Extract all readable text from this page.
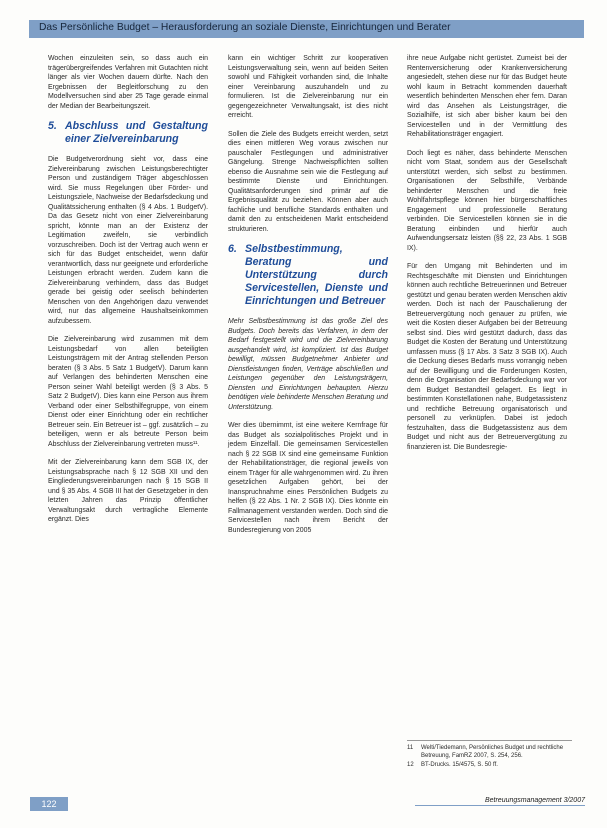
Das Persönliche Budget – Herausforderung an soziale Dienste, Einrichtungen und Berater

Wochen einzuleiten sein, so dass auch ein trägerübergreifendes Verfahren mit Gutachten nicht länger als vier Wochen dauern dürfte. Nach den Ergebnissen der Begleitforschung zu den Modellversuchen sind aber 25 Tage gerade einmal der Median der Bearbeitungszeit.

5. Abschluss und Gestaltung einer Zielvereinbarung

Die Budgetverordnung sieht vor, dass eine Zielvereinbarung zwischen Leistungsberechtigter Person und zuständigem Träger abgeschlossen wird. Sie muss Regelungen über Förder- und Leistungsziele, Nachweise der Bedarfsdeckung und Qualitätssicherung enthalten (§ 4 Abs. 1 BudgetV). Da das Gesetz nicht von einer Zielvereinbarung spricht, könnte man an der Existenz der Legitimation zweifeln, sie verbindlich vorzuschreiben. Doch ist der Vertrag auch wenn er sich für das Budget entscheidet, wenn dafür verantwortlich, dass nur geeignete und erforderliche Leistungen erbracht werden. Zudem kann die Zielvereinbarung verhindern, dass das Budget gerade bei geistig oder seelisch behinderten Menschen von den Angehörigen dazu verwendet wird, nur das allgemeine Haushaltseinkommen aufzubessern.

Die Zielvereinbarung wird zusammen mit dem Leistungsbedarf von allen beteiligten Leistungsträgern mit der Antrag stellenden Person beraten (§ 3 Abs. 5 Satz 1 BudgetV). Darum kann auf Verlangen des behinderten Menschen eine Person seiner Wahl beteiligt werden (§ 3 Abs. 5 Satz 2 BudgetV). Dies kann eine Person aus ihrem Verband oder einer Selbsthilfegruppe, von einem Dienst oder einer Einrichtung oder ein rechtlicher Betreuer sein. Ein Betreuer ist – ggf. zusätzlich – zu beteiligen, wenn er als betreute Person beim Abschluss der Zielvereinbarung vertreten muss¹¹.

Mit der Zielvereinbarung kann dem SGB IX, der Leistungsabsprache nach § 12 SGB XII und den Eingliederungsvereinbarungen nach § 15 SGB II und § 35 Abs. 4 SGB III hat der Gesetzgeber in den letzten Jahren das Prinzip öffentlicher Verwaltungsakt durch vertragliche Elemente ergänzt. Dies

kann ein wichtiger Schritt zur kooperativen Leistungsverwaltung sein, wenn auf beiden Seiten sowohl und Fähigkeit vorhanden sind, die Inhalte einer Vereinbarung auszuhandeln und zu formulieren. Ist die Zielvereinbarung nur ein gegengezeichneter Verwaltungsakt, ist dies nicht erreicht.

Sollen die Ziele des Budgets erreicht werden, setzt dies einen mittleren Weg voraus zwischen nur pauschaler Festlegungen und administrativer Gängelung. Strenge Nachweispflichten sollten ebenso die Ausnahme sein wie die Festlegung auf bestimmte Dienste und Einrichtungen. Qualitätsanforderungen sind primär auf die Ergebnisqualität zu beziehen. Können aber auch fachliche und berufliche Standards enthalten und damit den zu entscheidenen Markt entscheidend strukturieren.

6. Selbstbestimmung, Beratung und Unterstützung durch Servicestellen, Dienste und Einrichtungen und Betreuer

Mehr Selbstbestimmung ist das große Ziel des Budgets. Doch bereits das Verfahren, in dem der Bedarf festgestellt wird und die Zielvereinbarung ausgehandelt wird, ist kompliziert. Ist das Budget bewilligt, müssen Budgetnehmer Anbieter und Dienstleistungen finden, Verträge abschließen und Leistungen gegenüber den Leistungsträgern, Diensten und Einrichtungen behaupten. Hierzu benötigen viele behinderte Menschen Beratung und Unterstützung.

Wer dies übernimmt, ist eine weitere Kernfrage für das Budget als sozialpolitisches Projekt und in jedem Einzelfall. Die gemeinsamen Servicestellen nach § 22 SGB IX sind eine gemeinsame Funktion der Rehabilitationsträger, die regional jeweils von einem Träger für alle wahrgenommen wird. Zu ihren gesetzlichen Aufgaben gehört, bei der Inanspruchnahme eines Persönlichen Budgets zu helfen (§ 22 Abs. 1 Nr. 2 SGB IX). Dies könnte ein Fallmanagement verstanden werden. Doch sind die Servicestellen nach ihrem Bericht der Bundesregierung von 2005

ihre neue Aufgabe nicht gerüstet. Zumeist bei der Rentenversicherung oder Krankenversicherung angesiedelt, stehen diese nur für das Budget heute wohl kaum in Betracht kommenden dauerhaft wesentlich behinderten Menschen eher fern. Daran wird das Ansehen als Leistungsträger, die Sozialhilfe, ist sich aber bisher kaum bei den Servicestellen und in der Vermittlung des Rehabilitationsträger engagiert.

Doch liegt es näher, dass behinderte Menschen nicht vom Staat, sondern aus der Gesellschaft unterstützt werden, sich selbst zu bestimmen. Organisationen der Selbsthilfe, Verbände behinderter Menschen und die freie Wohlfahrtspflege können hier bürgerschaftliches Engagement und professionelle Beratung verbinden. Die Servicestellen können sie in die Beratung einbinden und hierfür auch Aufwendungsersatz leisten (§§ 22, 23 Abs. 1 SGB IX).

Für den Umgang mit Behinderten und im Rechtsgeschäfte mit Diensten und Einrichtungen können auch rechtliche Betreuerinnen und Betreuer gestützt und genau beraten werden Menschen aktiv werden. Doch ist nach der Pauschalierung der Betreuervergütung noch genauer zu prüfen, wie weit die Kosten dieser Aufgaben bei der Betreuung selbst sind. Dies wird gestützt dadurch, dass das Budget die Kosten der Beratung und Unterstützung umfassen muss (§ 17 Abs. 3 Satz 3 SGB IX). Auch die Deckung dieses Bedarfs muss vorrangig neben auf der Bewilligung und die Forderungen Kosten, denn die Organisation der Bedarfsdeckung war vor dem Budget Bestandteil gelagert. Es liegt in bestimmten Konstellationen nahe, Budgetassistenz und rechtliche Betreuung organisatorisch und personell zu verknüpfen. Dabei ist jedoch festzuhalten, dass die Budgetassistenz aus dem Budget und nicht aus der Betreuervergütung zu finanzieren ist. Die Bundesregie-

11	Welti/Tiedemann, Persönliches Budget und rechtliche Betreuung, FamRZ 2007, S. 254, 256.
12	BT-Drucks. 15/4575, S. 50 ff.
122	Betreuungsmanagement 3/2007
